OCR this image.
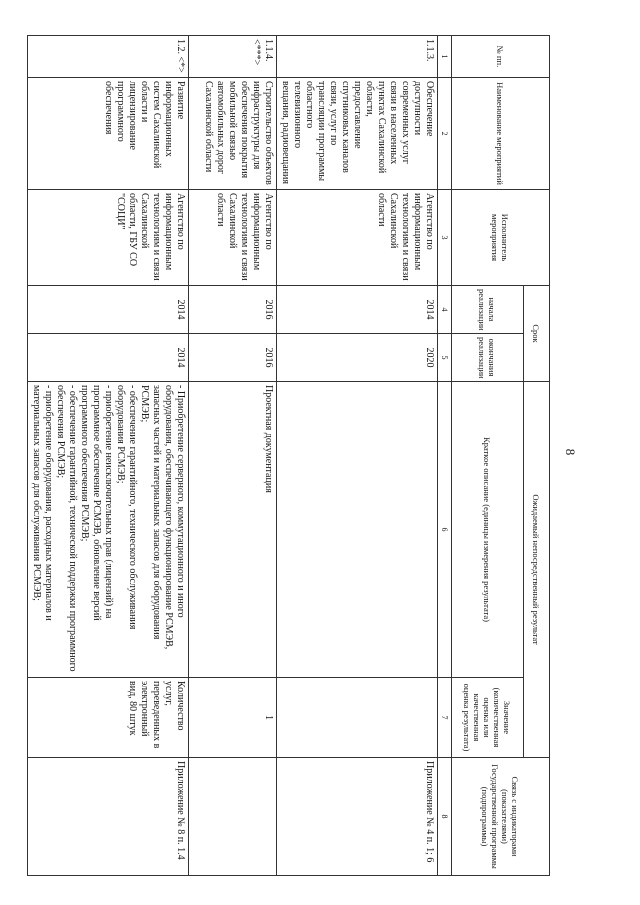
8
№ пп.	Наименование мероприятий	Исполнитель мероприятия	Срок		Ожидаемый непосредственный результат		Связь с индикаторами (показателями) Государственной программы (подпрограммы)
			начала реализации	окончания реализации	Краткое описание (единицы измерения результата)	Значение (количественная оценка или качественная оценка результата)	
1	2	3	4	5	6	7	8
1.1.3.	Обеспечение доступности современных услуг связи в населенных пунктах Сахалинской области, предоставление спутниковых каналов связи, услуг по трансляции программы областного телевизионного вещания, радиовещания	Агентство по информационным технологиям и связи Сахалинской области	2014	2020			Приложение № 4 п. 1; 6
1.1.4. <***>	Строительство объектов инфраструктуры для обеспечения покрытия мобильной связью автомобильных дорог Сахалинской области	Агентство по информационным технологиям и связи Сахалинской области	2016	2016	Проектная документация	1	
1.2. <*>	Развитие информационных систем Сахалинской области и лицензирование программного обеспечения	Агентство по информационным технологиям и связи Сахалинской области, ГБУ СО "СОЦИ"	2014	2014	- Приобретение серверного, коммутационного и иного оборудования, обеспечивающего функционирование РСМЭВ, запасных частей и материальных запасов для оборудования РСМЭВ;
- обеспечение гарантийного, технического обслуживания оборудования РСМЭВ;
- приобретение неисключительных прав (лицензий) на программное обеспечение РСМЭВ, обновление версий программного обеспечения РСМЭВ;
- обеспечение гарантийной, технической поддержки программного обеспечения РСМЭВ;
- приобретение оборудования, расходных материалов и материальных запасов для обслуживания РСМЭВ;	Количество услуг, переведенных в электронный вид, 80 штук	Приложение № 8 п. 1.4
